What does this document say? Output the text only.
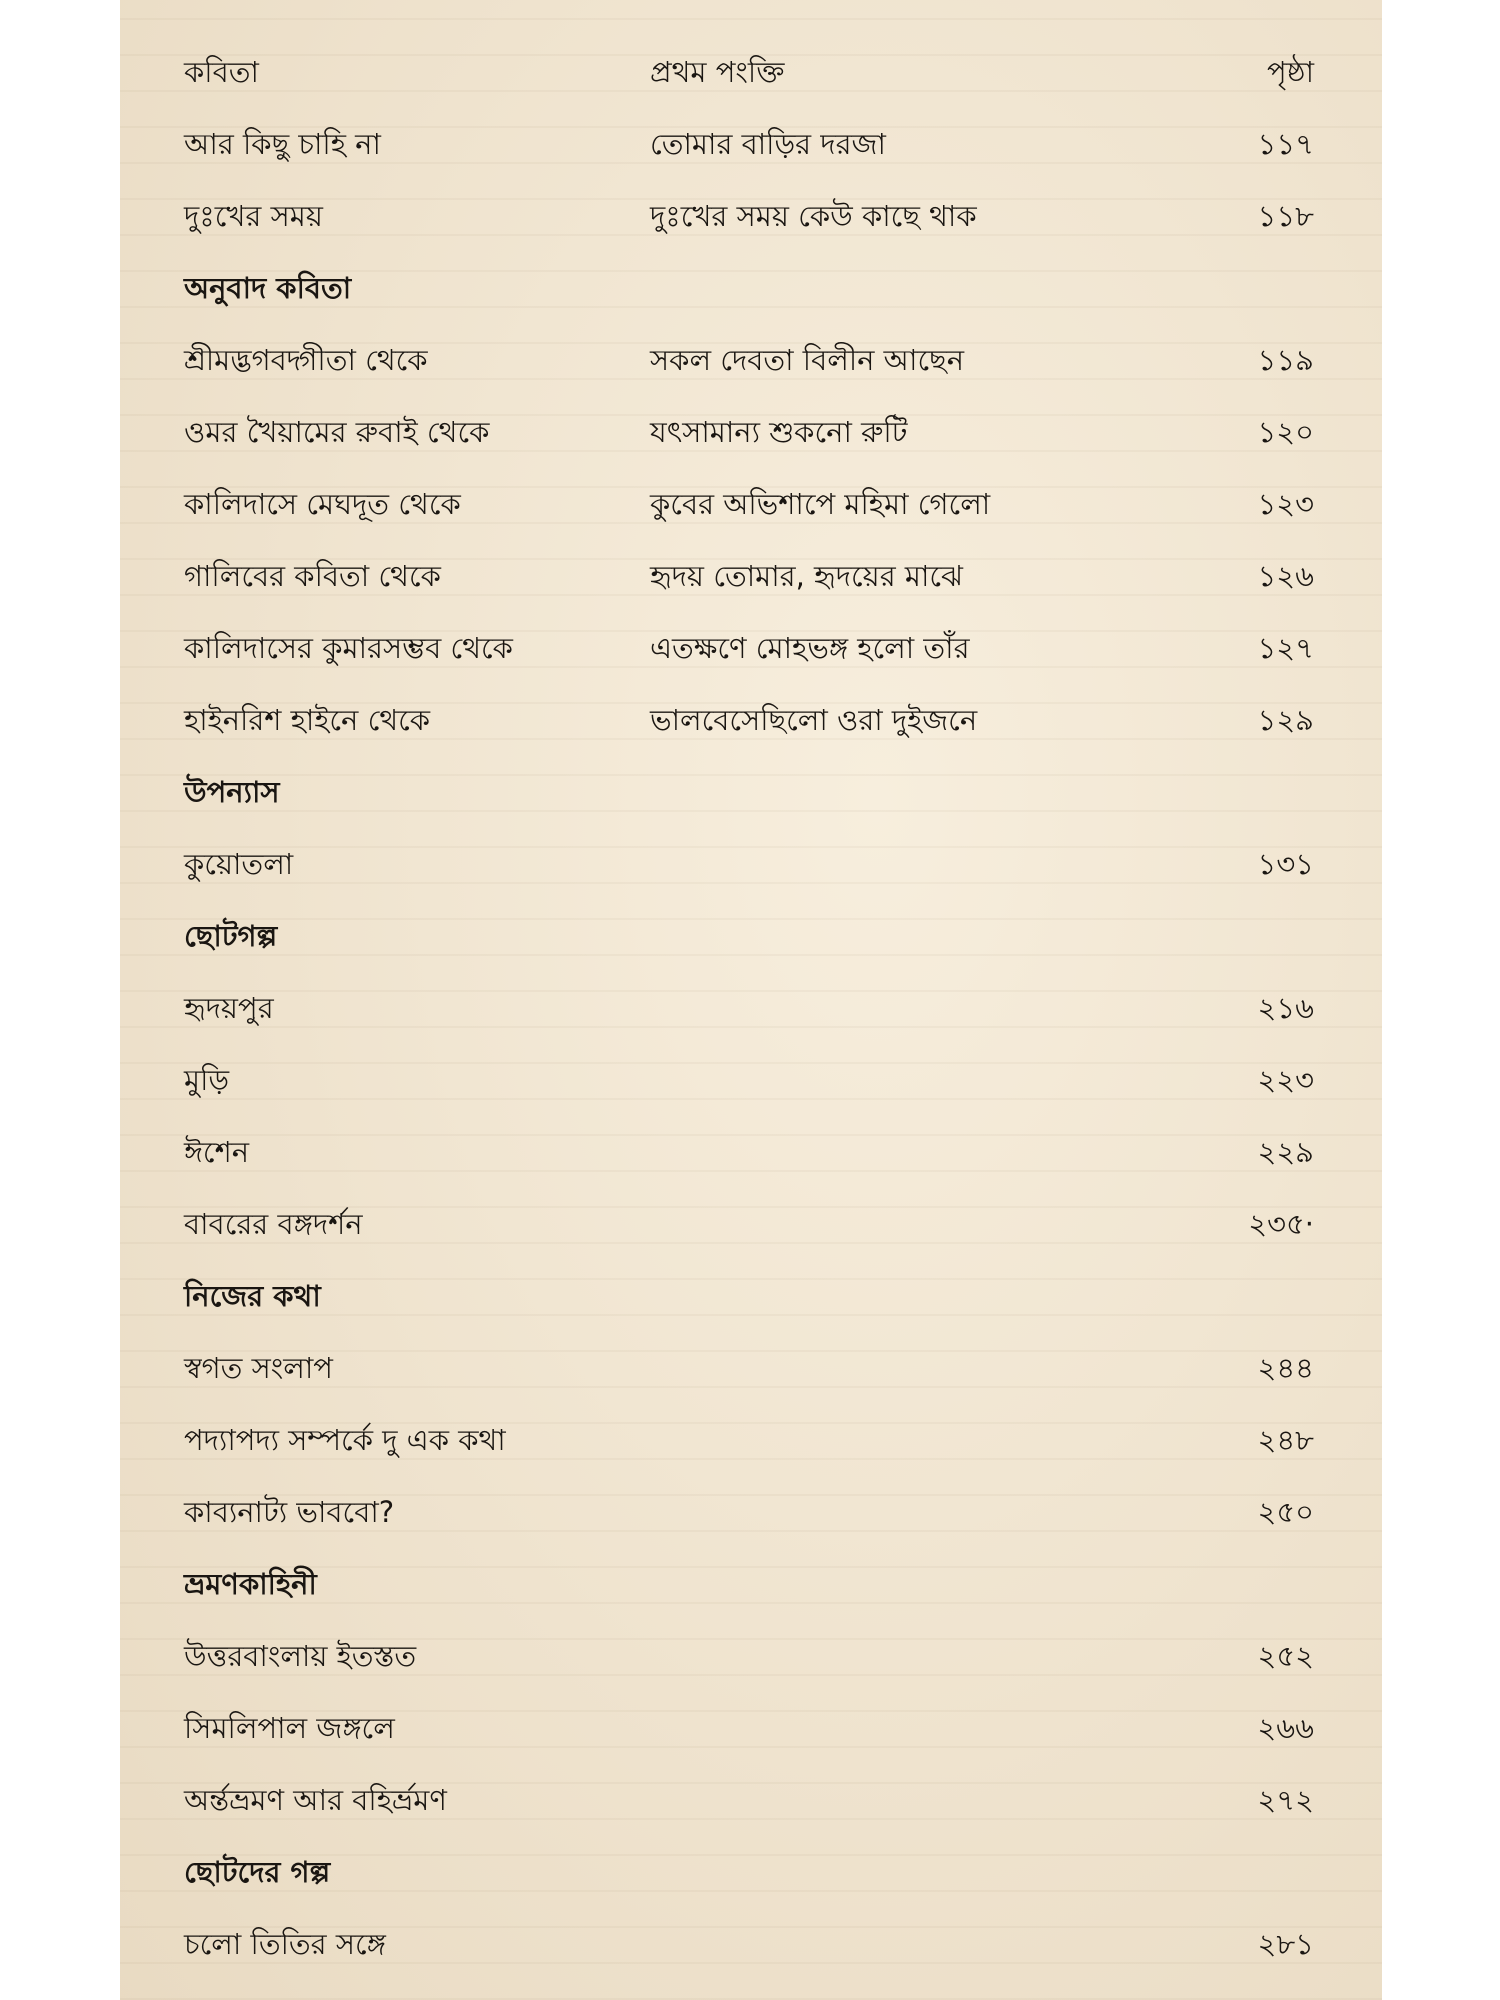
কবিতা	প্রথম পংক্তি	পৃষ্ঠা
আর কিছু চাহি না	তোমার বাড়ির দরজা	১১৭
দুঃখের সময়	দুঃখের সময় কেউ কাছে থাক	১১৮
অনুবাদ কবিতা
শ্রীমদ্ভগবদ্গীতা থেকে	সকল দেবতা বিলীন আছেন	১১৯
ওমর খৈয়ামের রুবাই থেকে	যৎসামান্য শুকনো রুটি	১২০
কালিদাসে মেঘদূত থেকে	কুবের অভিশাপে মহিমা গেলো	১২৩
গালিবের কবিতা থেকে	হৃদয় তোমার, হৃদয়ের মাঝে	১২৬
কালিদাসের কুমারসম্ভব থেকে	এতক্ষণে মোহভঙ্গ হলো তাঁর	১২৭
হাইনরিশ হাইনে থেকে	ভালবেসেছিলো ওরা দুইজনে	১২৯
উপন্যাস
কুয়োতলা	১৩১
ছোটগল্প
হৃদয়পুর	২১৬
মুড়ি	২২৩
ঈশেন	২২৯
বাবরের বঙ্গদর্শন	২৩৫·
নিজের কথা
স্বগত সংলাপ	২৪৪
পদ্যাপদ্য সম্পর্কে দু এক কথা	২৪৮
কাব্যনাট্য ভাববো?	২৫০
ভ্রমণকাহিনী
উত্তরবাংলায় ইতস্তত	২৫২
সিমলিপাল জঙ্গলে	২৬৬
অর্ন্তভ্রমণ আর বহির্ভ্রমণ	২৭২
ছোটদের গল্প
চলো তিতির সঙ্গে	২৮১
